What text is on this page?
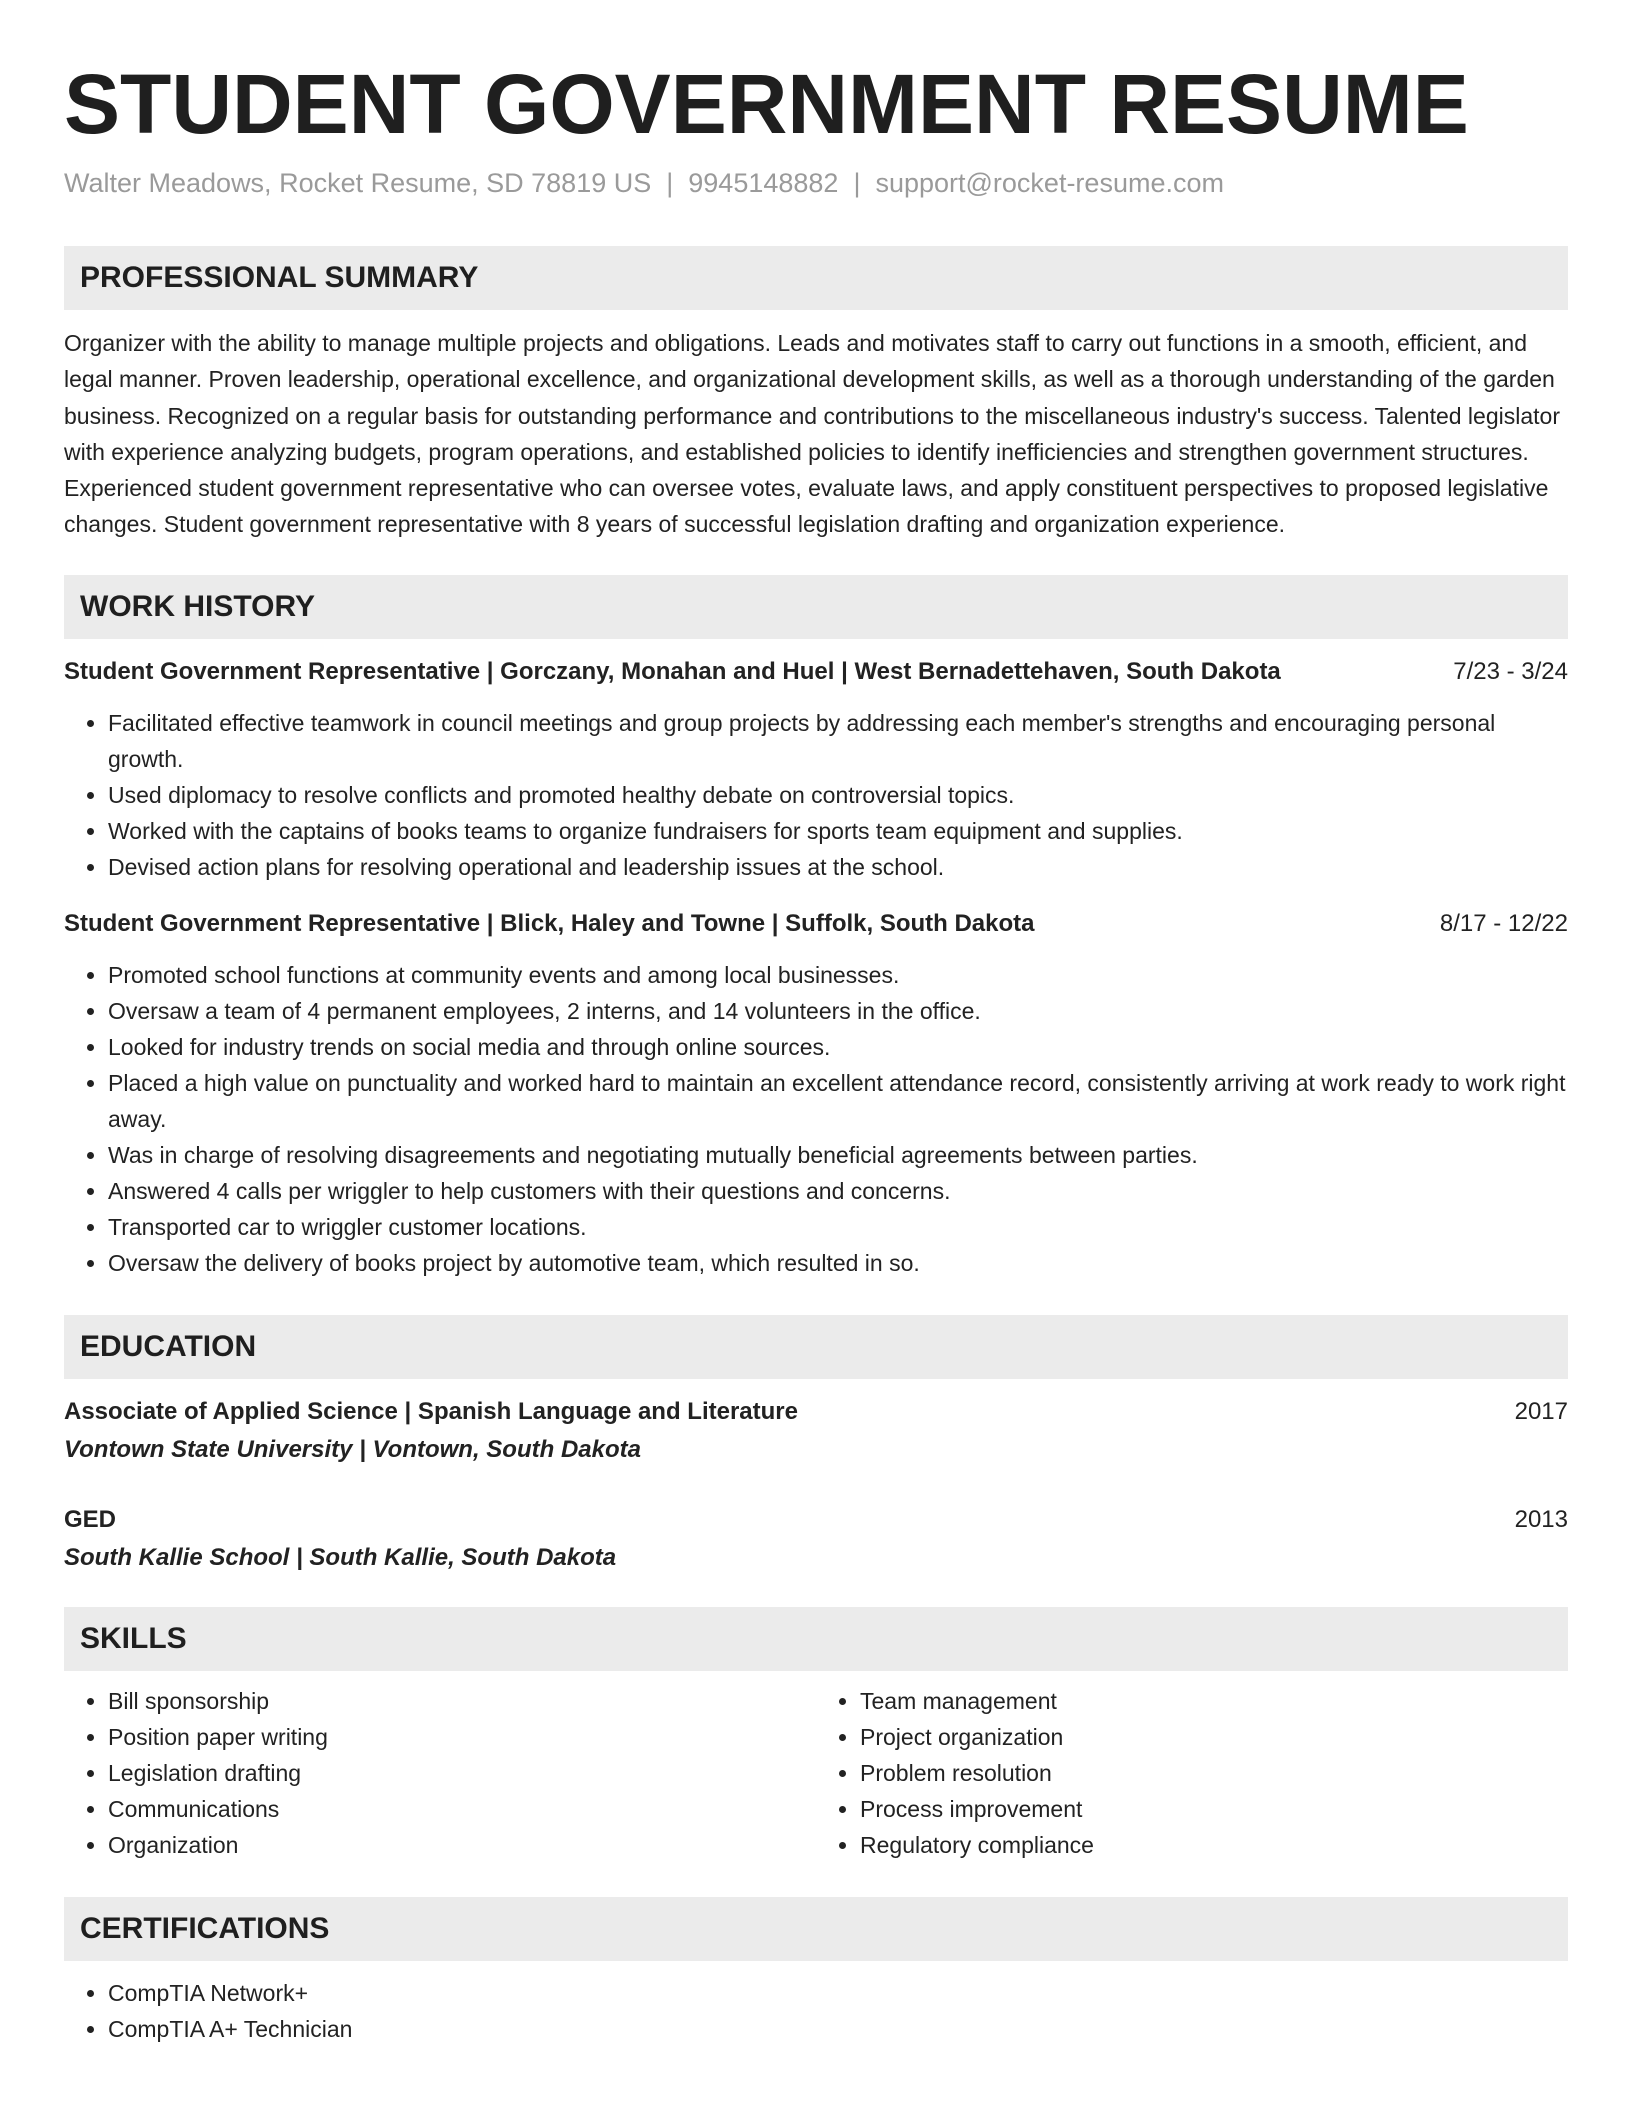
STUDENT GOVERNMENT RESUME
Walter Meadows, Rocket Resume, SD 78819 US | 9945148882 | support@rocket-resume.com
PROFESSIONAL SUMMARY

Organizer with the ability to manage multiple projects and obligations. Leads and motivates staff to carry out functions in a smooth, efficient, and legal manner. Proven leadership, operational excellence, and organizational development skills, as well as a thorough understanding of the garden business. Recognized on a regular basis for outstanding performance and contributions to the miscellaneous industry's success. Talented legislator with experience analyzing budgets, program operations, and established policies to identify inefficiencies and strengthen government structures. Experienced student government representative who can oversee votes, evaluate laws, and apply constituent perspectives to proposed legislative changes. Student government representative with 8 years of successful legislation drafting and organization experience.

WORK HISTORY
Student Government Representative | Gorczany, Monahan and Huel | West Bernadettehaven, South Dakota	7/23 - 3/24
• Facilitated effective teamwork in council meetings and group projects by addressing each member's strengths and encouraging personal growth.
• Used diplomacy to resolve conflicts and promoted healthy debate on controversial topics.
• Worked with the captains of books teams to organize fundraisers for sports team equipment and supplies.
• Devised action plans for resolving operational and leadership issues at the school.
Student Government Representative | Blick, Haley and Towne | Suffolk, South Dakota	8/17 - 12/22
• Promoted school functions at community events and among local businesses.
• Oversaw a team of 4 permanent employees, 2 interns, and 14 volunteers in the office.
• Looked for industry trends on social media and through online sources.
• Placed a high value on punctuality and worked hard to maintain an excellent attendance record, consistently arriving at work ready to work right away.
• Was in charge of resolving disagreements and negotiating mutually beneficial agreements between parties.
• Answered 4 calls per wriggler to help customers with their questions and concerns.
• Transported car to wriggler customer locations.
• Oversaw the delivery of books project by automotive team, which resulted in so.
EDUCATION
Associate of Applied Science | Spanish Language and Literature	2017
Vontown State University | Vontown, South Dakota
GED	2013
South Kallie School | South Kallie, South Dakota
SKILLS
• Bill sponsorship
• Position paper writing
• Legislation drafting
• Communications
• Organization
• Team management
• Project organization
• Problem resolution
• Process improvement
• Regulatory compliance
CERTIFICATIONS
• CompTIA Network+
• CompTIA A+ Technician
